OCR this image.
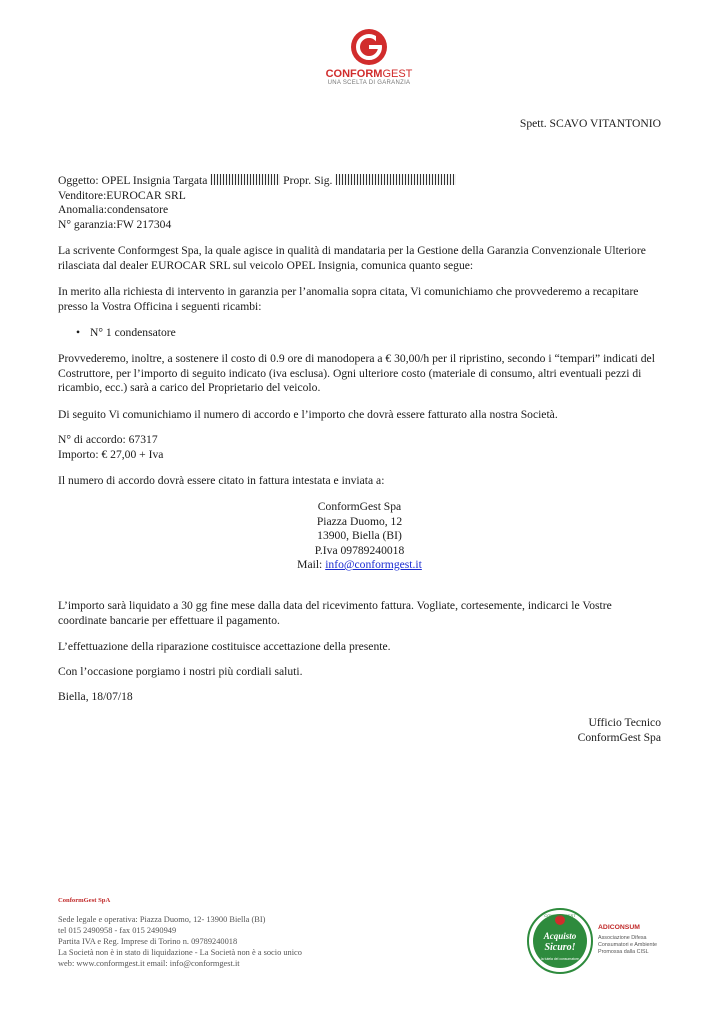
CONFORMGEST
UNA SCELTA DI GARANZIA
Spett. SCAVO VITANTONIO
Oggetto: OPEL Insignia Targata	Propr. Sig.
Venditore:EUROCAR SRL
Anomalia:condensatore
N° garanzia:FW 217304

La scrivente Conformgest Spa, la quale agisce in qualità di mandataria per la Gestione della Garanzia Convenzionale Ulteriore rilasciata dal dealer EUROCAR SRL sul veicolo OPEL Insignia, comunica quanto segue:

In merito alla richiesta di intervento in garanzia per l’anomalia sopra citata, Vi comunichiamo che provvederemo a recapitare presso la Vostra Officina i seguenti ricambi:

• N° 1 condensatore

Provvederemo, inoltre, a sostenere il costo di 0.9 ore di manodopera a € 30,00/h per il ripristino, secondo i “tempari” indicati del Costruttore, per l’importo di seguito indicato (iva esclusa). Ogni ulteriore costo (materiale di consumo, altri eventuali pezzi di ricambio, ecc.) sarà a carico del Proprietario del veicolo.

Di seguito Vi comunichiamo il numero di accordo e l’importo che dovrà essere fatturato alla nostra Società.

N° di accordo: 67317
Importo: € 27,00 + Iva

Il numero di accordo dovrà essere citato in fattura intestata e inviata a:

ConformGest Spa
Piazza Duomo, 12
13900, Biella (BI)
P.Iva 09789240018
Mail: info@conformgest.it

L’importo sarà liquidato a 30 gg fine mese dalla data del ricevimento fattura. Vogliate, cortesemente, indicarci le Vostre coordinate bancarie per effettuare il pagamento.

L’effettuazione della riparazione costituisce accettazione della presente.

Con l’occasione porgiamo i nostri più cordiali saluti.

Biella, 18/07/18

Ufficio Tecnico
ConformGest Spa
ConformGest SpA
Sede legale e operativa: Piazza Duomo, 12- 13900 Biella (BI)
tel 015 2490958 - fax 015 2490949
Partita IVA e Reg. Imprese di Torino n. 09789240018
La Società non è in stato di liquidazione - La Società non è a socio unico
web: www.conformgest.it email: info@conformgest.it
CONFORMGEST
Acquisto
Sicuro!
la tutela del consumatore
ADICONSUM
Associazione Difesa
Consumatori e Ambiente
Promossa dalla CISL
